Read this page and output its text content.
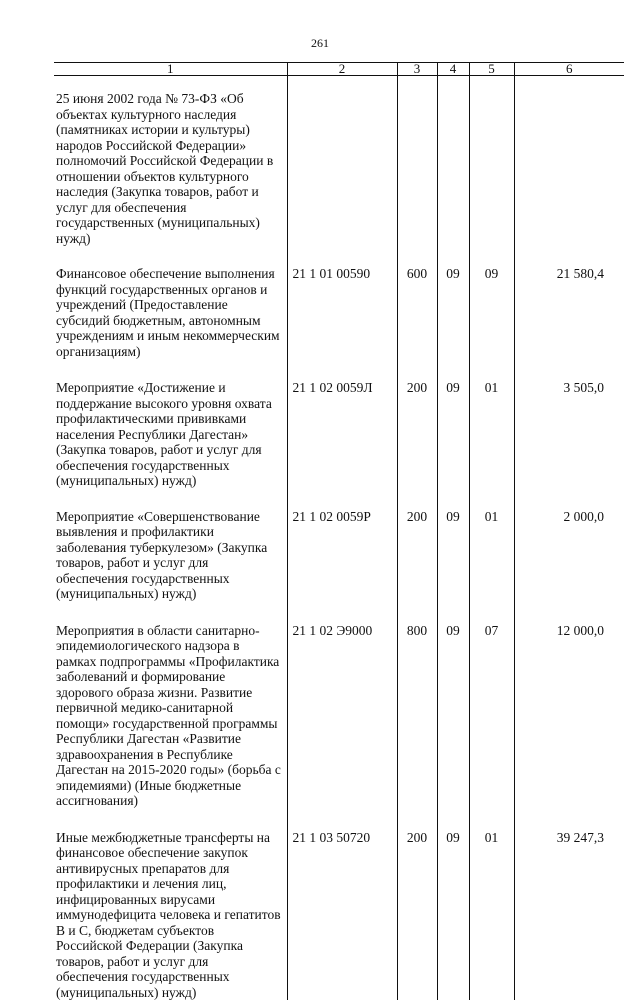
261
1	2	3	4	5	6
25 июня 2002 года № 73-ФЗ «Об объектах культурного наследия (памятниках истории и культуры) народов Российской Федерации» полномочий Российской Федерации в отношении объектов культурного наследия (Закупка товаров, работ и услуг для обеспечения государственных (муниципальных) нужд)					
Финансовое обеспечение выполнения функций государственных органов и учреждений (Предоставление субсидий бюджетным, автономным учреждениям и иным некоммерческим организациям)	21 1 01 00590	600	09	09	21 580,4
Мероприятие «Достижение и поддержание высокого уровня охвата профилактическими прививками населения Республики Дагестан» (Закупка товаров, работ и услуг для обеспечения государственных (муниципальных) нужд)	21 1 02 0059Л	200	09	01	3 505,0
Мероприятие «Совершенствование выявления и профилактики заболевания туберкулезом» (Закупка товаров, работ и услуг для обеспечения государственных (муниципальных) нужд)	21 1 02 0059Р	200	09	01	2 000,0
Мероприятия в области санитарно-эпидемиологического надзора в рамках подпрограммы «Профилактика заболеваний и формирование здорового образа жизни. Развитие первичной медико-санитарной помощи» государственной программы Республики Дагестан «Развитие здравоохранения в Республике Дагестан на 2015-2020 годы» (борьба с эпидемиями) (Иные бюджетные ассигнования)	21 1 02 Э9000	800	09	07	12 000,0
Иные межбюджетные трансферты на финансовое обеспечение закупок антивирусных препаратов для профилактики и лечения лиц, инфицированных вирусами иммунодефицита человека и гепатитов В и С, бюджетам субъектов Российской Федерации (Закупка товаров, работ и услуг для обеспечения государственных (муниципальных) нужд)	21 1 03 50720	200	09	01	39 247,3
